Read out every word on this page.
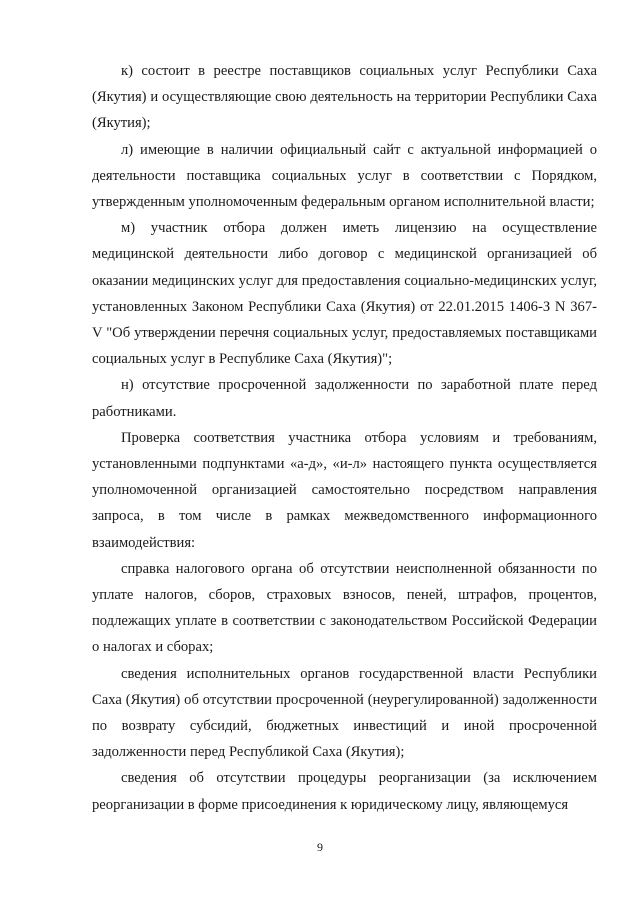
к) состоит в реестре поставщиков социальных услуг Республики Саха (Якутия) и осуществляющие свою деятельность на территории Республики Саха (Якутия);

л) имеющие в наличии официальный сайт с актуальной информацией о деятельности поставщика социальных услуг в соответствии с Порядком, утвержденным уполномоченным федеральным органом исполнительной власти;

м) участник отбора должен иметь лицензию на осуществление медицинской деятельности либо договор с медицинской организацией об оказании медицинских услуг для предоставления социально-медицинских услуг, установленных Законом Республики Саха (Якутия) от 22.01.2015 1406-З N 367-V "Об утверждении перечня социальных услуг, предоставляемых поставщиками социальных услуг в Республике Саха (Якутия)";

н) отсутствие просроченной задолженности по заработной плате перед работниками.

Проверка соответствия участника отбора условиям и требованиям, установленными подпунктами «а-д», «и-л» настоящего пункта осуществляется уполномоченной организацией самостоятельно посредством направления запроса, в том числе в рамках межведомственного информационного взаимодействия:

справка налогового органа об отсутствии неисполненной обязанности по уплате налогов, сборов, страховых взносов, пеней, штрафов, процентов, подлежащих уплате в соответствии с законодательством Российской Федерации о налогах и сборах;

сведения исполнительных органов государственной власти Республики Саха (Якутия) об отсутствии просроченной (неурегулированной) задолженности по возврату субсидий, бюджетных инвестиций и иной просроченной задолженности перед Республикой Саха (Якутия);

сведения об отсутствии процедуры реорганизации (за исключением реорганизации в форме присоединения к юридическому лицу, являющемуся

9
